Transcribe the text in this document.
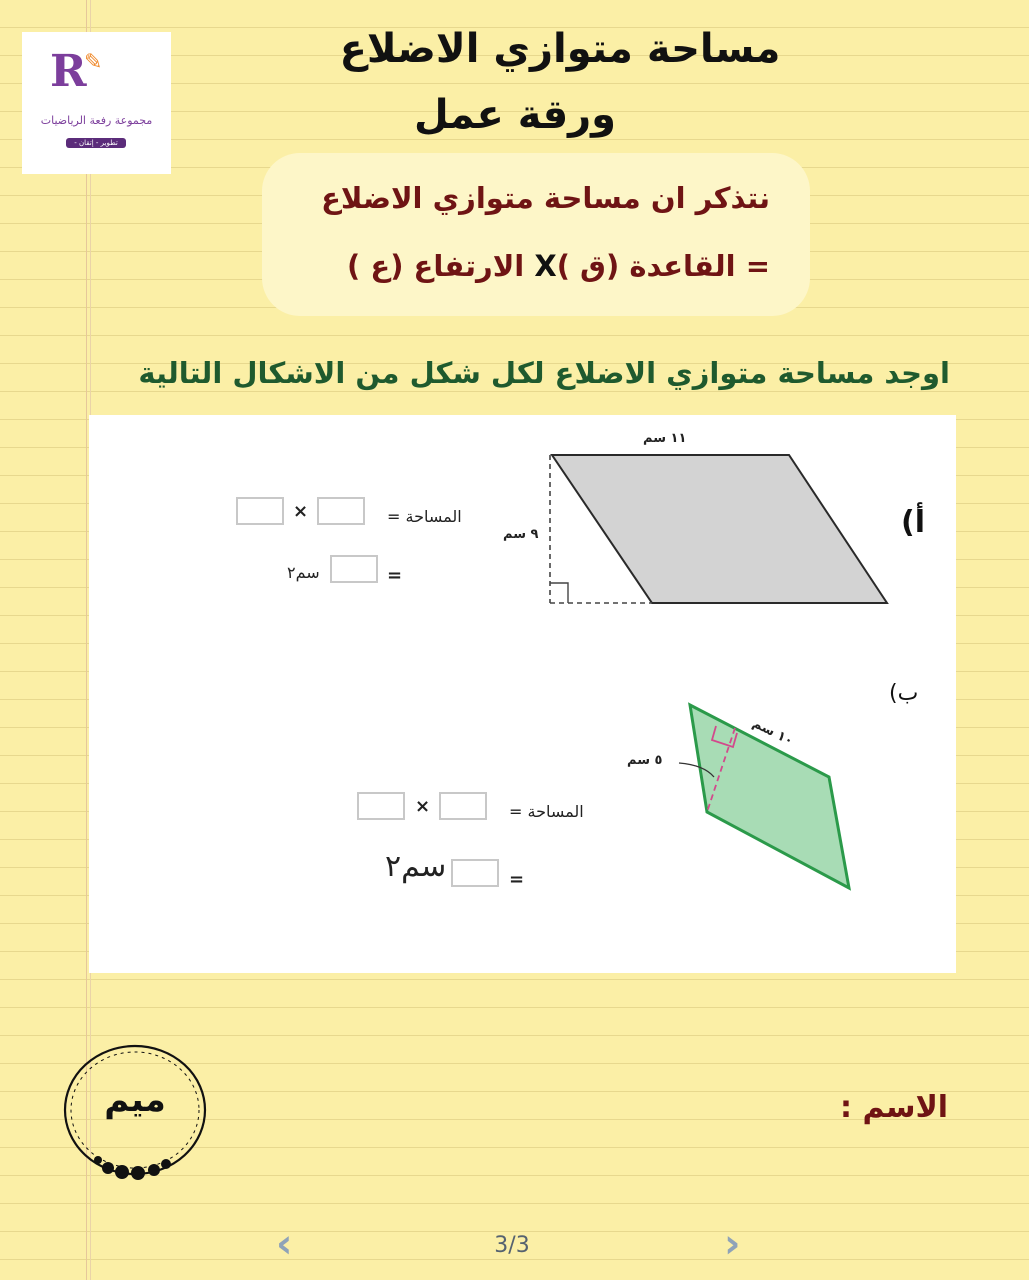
R
✎
مجموعة رفعة الرياضيات
تطوير - إتقان - تواصل
مساحة متوازي الاضلاع
ورقة عمل
نتذكر ان مساحة متوازي الاضلاع
= القاعدة (ق )X الارتفاع (ع )
اوجد مساحة متوازي الاضلاع لكل شكل من الاشكال التالية
١١ سم
٩ سم	أ)
المساحة =
×
=
سم٢
ب)
١٠ سم
٥ سم
المساحة =
×
=
سم٢
ميم	الاسم :
‹	3/3	›
